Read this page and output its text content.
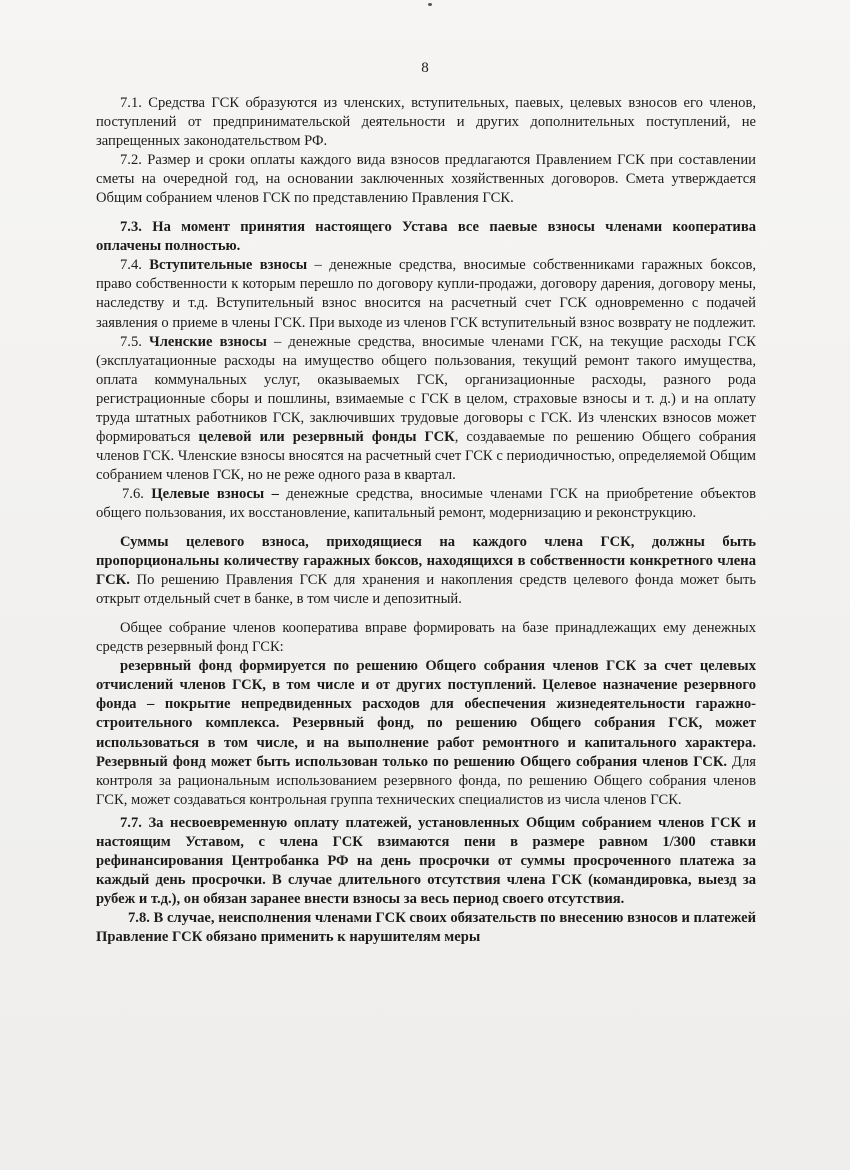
8

7.1. Средства ГСК образуются из членских, вступительных, паевых, целевых взносов его членов, поступлений от предпринимательской деятельности и других дополнительных поступлений, не запрещенных законодательством РФ.

7.2. Размер и сроки оплаты каждого вида взносов предлагаются Правлением ГСК при составлении сметы на очередной год, на основании заключенных хозяйственных договоров. Смета утверждается Общим собранием членов ГСК по представлению Правления ГСК.

7.3. На момент принятия настоящего Устава все паевые взносы членами кооператива оплачены полностью.

7.4. Вступительные взносы – денежные средства, вносимые собственниками гаражных боксов, право собственности к которым перешло по договору купли-продажи, договору дарения, договору мены, наследству и т.д. Вступительный взнос вносится на расчетный счет ГСК одновременно с подачей заявления о приеме в члены ГСК. При выходе из членов ГСК вступительный взнос возврату не подлежит.

7.5. Членские взносы – денежные средства, вносимые членами ГСК, на текущие расходы ГСК (эксплуатационные расходы на имущество общего пользования, текущий ремонт такого имущества, оплата коммунальных услуг, оказываемых ГСК, организационные расходы, разного рода регистрационные сборы и пошлины, взимаемые с ГСК в целом, страховые взносы и т. д.) и на оплату труда штатных работников ГСК, заключивших трудовые договоры с ГСК. Из членских взносов может формироваться целевой или резервный фонды ГСК, создаваемые по решению Общего собрания членов ГСК. Членские взносы вносятся на расчетный счет ГСК с периодичностью, определяемой Общим собранием членов ГСК, но не реже одного раза в квартал.

7.6. Целевые взносы – денежные средства, вносимые членами ГСК на приобретение объектов общего пользования, их восстановление, капитальный ремонт, модернизацию и реконструкцию.

Суммы целевого взноса, приходящиеся на каждого члена ГСК, должны быть пропорциональны количеству гаражных боксов, находящихся в собственности конкретного члена ГСК. По решению Правления ГСК для хранения и накопления средств целевого фонда может быть открыт отдельный счет в банке, в том числе и депозитный.

Общее собрание членов кооператива вправе формировать на базе принадлежащих ему денежных средств резервный фонд ГСК:

резервный фонд формируется по решению Общего собрания членов ГСК за счет целевых отчислений членов ГСК, в том числе и от других поступлений. Целевое назначение резервного фонда – покрытие непредвиденных расходов для обеспечения жизнедеятельности гаражно-строительного комплекса. Резервный фонд, по решению Общего собрания ГСК, может использоваться в том числе, и на выполнение работ ремонтного и капитального характера. Резервный фонд может быть использован только по решению Общего собрания членов ГСК. Для контроля за рациональным использованием резервного фонда, по решению Общего собрания членов ГСК, может создаваться контрольная группа технических специалистов из числа членов ГСК.

7.7. За несвоевременную оплату платежей, установленных Общим собранием членов ГСК и настоящим Уставом, с члена ГСК взимаются пени в размере равном 1/300 ставки рефинансирования Центробанка РФ на день просрочки от суммы просроченного платежа за каждый день просрочки. В случае длительного отсутствия члена ГСК (командировка, выезд за рубеж и т.д.), он обязан заранее внести взносы за весь период своего отсутствия.

7.8. В случае, неисполнения членами ГСК своих обязательств по внесению взносов и платежей Правление ГСК обязано применить к нарушителям меры
